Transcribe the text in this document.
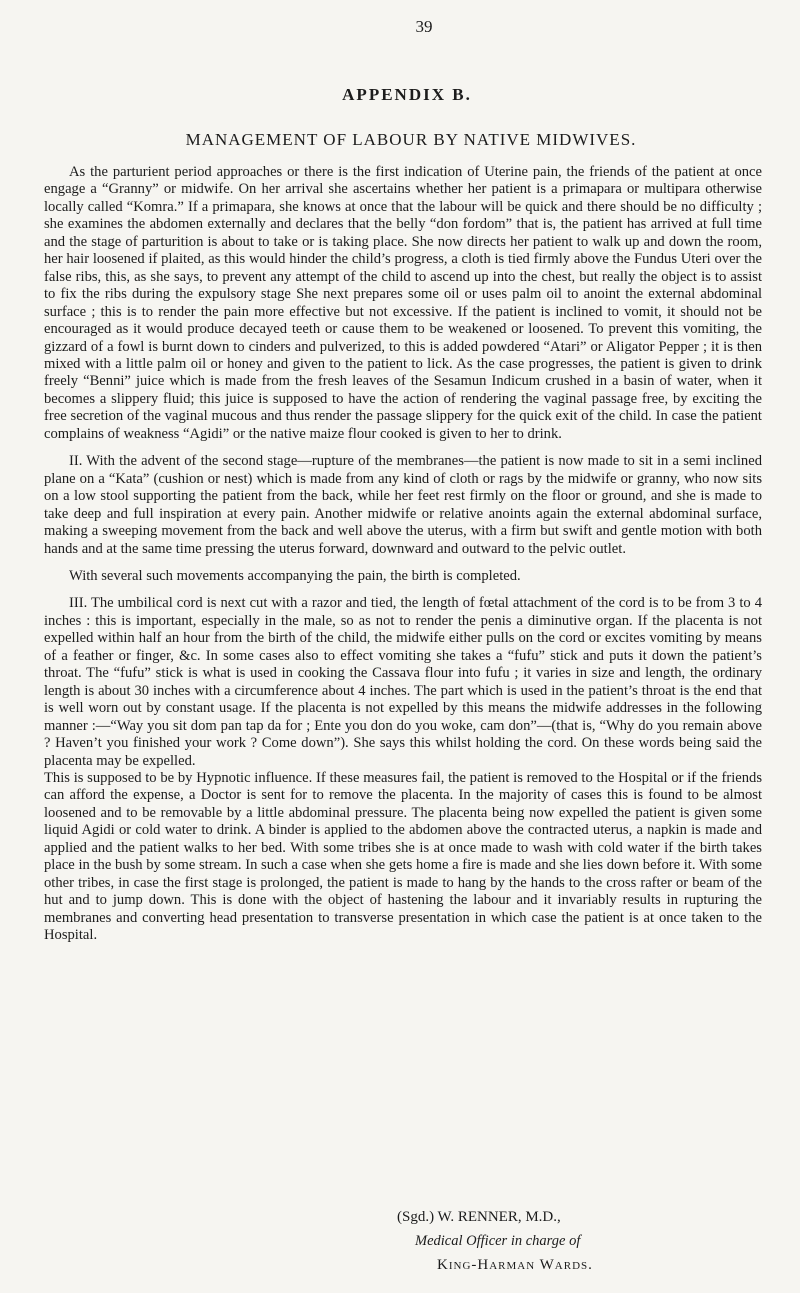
39
APPENDIX B.
MANAGEMENT OF LABOUR BY NATIVE MIDWIVES.

As the parturient period approaches or there is the first indication of Uterine pain, the friends of the patient at once engage a “Granny” or midwife. On her arrival she ascertains whether her patient is a primapara or multipara otherwise locally called “Komra.” If a primapara, she knows at once that the labour will be quick and there should be no difficulty ; she examines the abdomen externally and declares that the belly “don fordom” that is, the patient has arrived at full time and the stage of parturition is about to take or is taking place. She now directs her patient to walk up and down the room, her hair loosened if plaited, as this would hinder the child’s progress, a cloth is tied firmly above the Fundus Uteri over the false ribs, this, as she says, to prevent any attempt of the child to ascend up into the chest, but really the object is to assist to fix the ribs during the expulsory stage She next prepares some oil or uses palm oil to anoint the external abdominal surface ; this is to render the pain more effective but not excessive. If the patient is inclined to vomit, it should not be encouraged as it would produce decayed teeth or cause them to be weakened or loosened. To prevent this vomiting, the gizzard of a fowl is burnt down to cinders and pulverized, to this is added powdered “Atari” or Aligator Pepper ; it is then mixed with a little palm oil or honey and given to the patient to lick. As the case progresses, the patient is given to drink freely “Benni” juice which is made from the fresh leaves of the Sesamun Indicum crushed in a basin of water, when it becomes a slippery fluid; this juice is supposed to have the action of rendering the vaginal passage free, by exciting the free secretion of the vaginal mucous and thus render the passage slippery for the quick exit of the child. In case the patient complains of weakness “Agidi” or the native maize flour cooked is given to her to drink.

II. With the advent of the second stage—rupture of the membranes—the patient is now made to sit in a semi inclined plane on a “Kata” (cushion or nest) which is made from any kind of cloth or rags by the midwife or granny, who now sits on a low stool supporting the patient from the back, while her feet rest firmly on the floor or ground, and she is made to take deep and full inspiration at every pain. Another midwife or relative anoints again the external abdominal surface, making a sweeping movement from the back and well above the uterus, with a firm but swift and gentle motion with both hands and at the same time pressing the uterus forward, downward and outward to the pelvic outlet.

With several such movements accompanying the pain, the birth is completed.

III. The umbilical cord is next cut with a razor and tied, the length of fœtal attachment of the cord is to be from 3 to 4 inches : this is important, especially in the male, so as not to render the penis a diminutive organ. If the placenta is not expelled within half an hour from the birth of the child, the midwife either pulls on the cord or excites vomiting by means of a feather or finger, &c. In some cases also to effect vomiting she takes a “fufu” stick and puts it down the patient’s throat. The “fufu” stick is what is used in cooking the Cassava flour into fufu ; it varies in size and length, the ordinary length is about 30 inches with a circumference about 4 inches. The part which is used in the patient’s throat is the end that is well worn out by constant usage. If the placenta is not expelled by this means the midwife addresses in the following manner :—“Way you sit dom pan tap da for ; Ente you don do you woke, cam don”—(that is, “Why do you remain above ? Haven’t you finished your work ? Come down”). She says this whilst holding the cord. On these words being said the placenta may be expelled.

This is supposed to be by Hypnotic influence. If these measures fail, the patient is removed to the Hospital or if the friends can afford the expense, a Doctor is sent for to remove the placenta. In the majority of cases this is found to be almost loosened and to be removable by a little abdominal pressure. The placenta being now expelled the patient is given some liquid Agidi or cold water to drink. A binder is applied to the abdomen above the contracted uterus, a napkin is made and applied and the patient walks to her bed. With some tribes she is at once made to wash with cold water if the birth takes place in the bush by some stream. In such a case when she gets home a fire is made and she lies down before it. With some other tribes, in case the first stage is prolonged, the patient is made to hang by the hands to the cross rafter or beam of the hut and to jump down. This is done with the object of hastening the labour and it invariably results in rupturing the membranes and converting head presentation to transverse presentation in which case the patient is at once taken to the Hospital.

(Sgd.) W. RENNER, M.D.,
Medical Officer in charge of
King-Harman Wards.
